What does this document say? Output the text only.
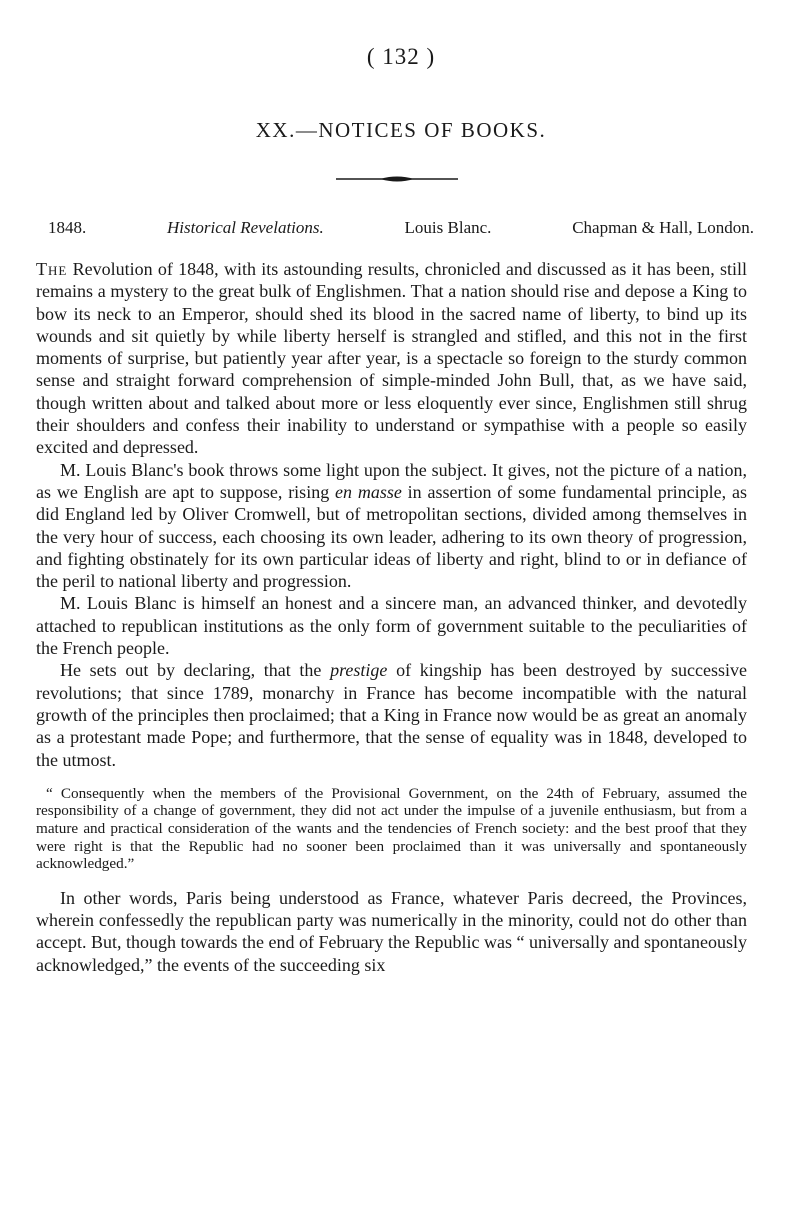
( 132 )
XX.—NOTICES OF BOOKS.
1848.	Historical Revelations.	Louis Blanc.	Chapman & Hall, London.

The Revolution of 1848, with its astounding results, chronicled and discussed as it has been, still remains a mystery to the great bulk of Englishmen. That a nation should rise and depose a King to bow its neck to an Emperor, should shed its blood in the sacred name of liberty, to bind up its wounds and sit quietly by while liberty herself is strangled and stifled, and this not in the first moments of surprise, but patiently year after year, is a spectacle so foreign to the sturdy common sense and straight forward comprehension of simple-minded John Bull, that, as we have said, though written about and talked about more or less eloquently ever since, Englishmen still shrug their shoulders and confess their inability to understand or sympathise with a people so easily excited and depressed.

M. Louis Blanc's book throws some light upon the subject. It gives, not the picture of a nation, as we English are apt to suppose, rising en masse in assertion of some fundamental principle, as did England led by Oliver Cromwell, but of metropolitan sections, divided among themselves in the very hour of success, each choosing its own leader, adhering to its own theory of progression, and fighting obstinately for its own particular ideas of liberty and right, blind to or in defiance of the peril to national liberty and progression.

M. Louis Blanc is himself an honest and a sincere man, an advanced thinker, and devotedly attached to republican institutions as the only form of government suitable to the peculiarities of the French people.

He sets out by declaring, that the prestige of kingship has been destroyed by successive revolutions; that since 1789, monarchy in France has become incompatible with the natural growth of the principles then proclaimed; that a King in France now would be as great an anomaly as a protestant made Pope; and furthermore, that the sense of equality was in 1848, developed to the utmost.

“ Consequently when the members of the Provisional Government, on the 24th of February, assumed the responsibility of a change of government, they did not act under the impulse of a juvenile enthusiasm, but from a mature and practical consideration of the wants and the tendencies of French society: and the best proof that they were right is that the Republic had no sooner been proclaimed than it was universally and spontaneously acknowledged.”

In other words, Paris being understood as France, whatever Paris decreed, the Provinces, wherein confessedly the republican party was numerically in the minority, could not do other than accept. But, though towards the end of February the Republic was “ universally and spontaneously acknowledged,” the events of the succeeding six
